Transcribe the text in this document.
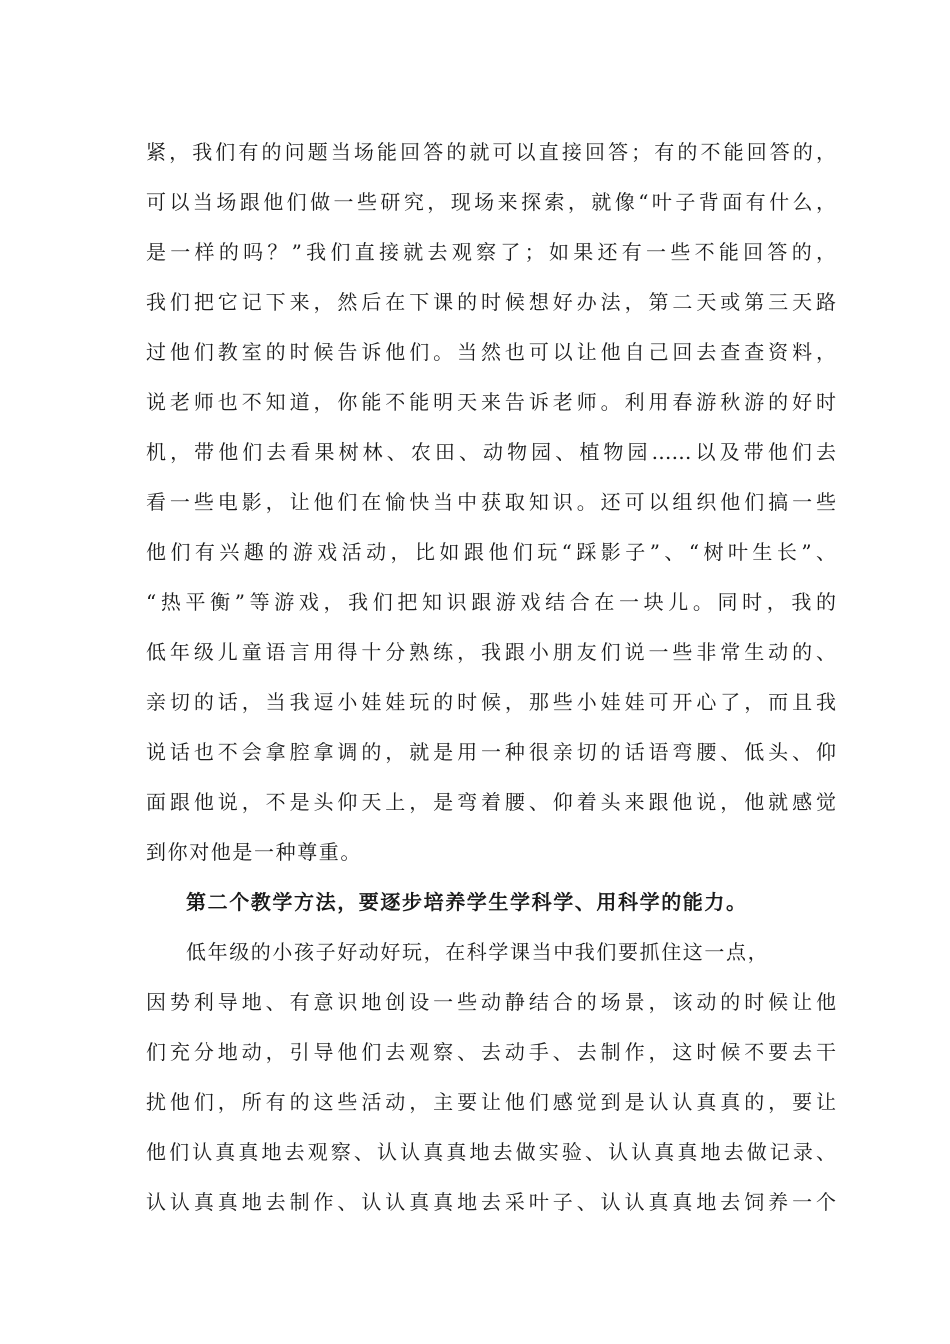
紧，我们有的问题当场能回答的就可以直接回答；有的不能回答的，
可以当场跟他们做一些研究，现场来探索，就像“叶子背面有什么，
是一样的吗？”我们直接就去观察了；如果还有一些不能回答的，
我们把它记下来，然后在下课的时候想好办法，第二天或第三天路
过他们教室的时候告诉他们。当然也可以让他自己回去查查资料，
说老师也不知道，你能不能明天来告诉老师。利用春游秋游的好时
机，带他们去看果树林、农田、动物园、植物园……以及带他们去
看一些电影，让他们在愉快当中获取知识。还可以组织他们搞一些
他们有兴趣的游戏活动，比如跟他们玩“踩影子”、“树叶生长”、
“热平衡”等游戏，我们把知识跟游戏结合在一块儿。同时，我的
低年级儿童语言用得十分熟练，我跟小朋友们说一些非常生动的、
亲切的话，当我逗小娃娃玩的时候，那些小娃娃可开心了，而且我
说话也不会拿腔拿调的，就是用一种很亲切的话语弯腰、低头、仰
面跟他说，不是头仰天上，是弯着腰、仰着头来跟他说，他就感觉
到你对他是一种尊重。
第二个教学方法，要逐步培养学生学科学、用科学的能力。
低年级的小孩子好动好玩，在科学课当中我们要抓住这一点，
因势利导地、有意识地创设一些动静结合的场景，该动的时候让他
们充分地动，引导他们去观察、去动手、去制作，这时候不要去干
扰他们，所有的这些活动，主要让他们感觉到是认认真真的，要让
他们认真真地去观察、认认真真地去做实验、认认真真地去做记录、
认认真真地去制作、认认真真地去采叶子、认认真真地去饲养一个
